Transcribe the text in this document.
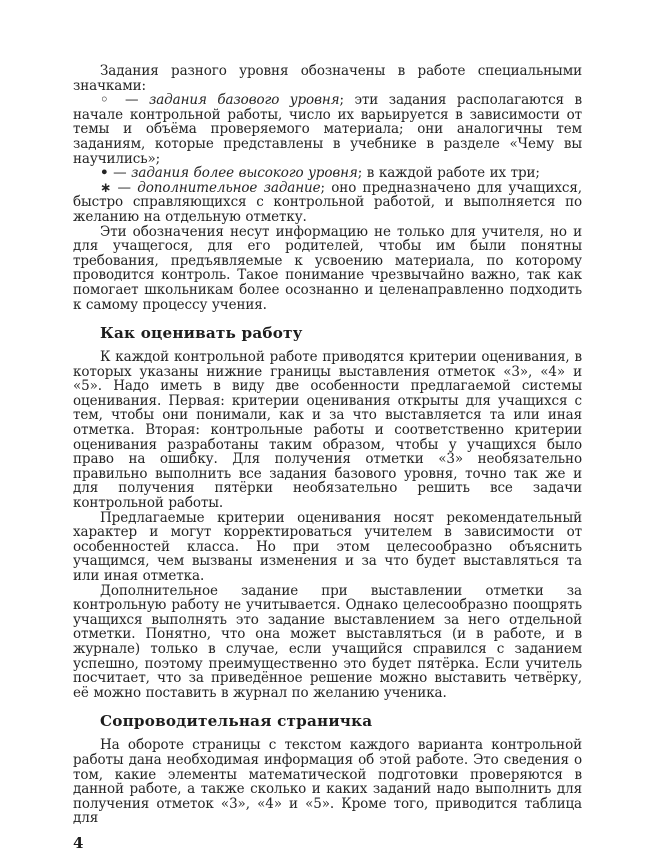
Задания разного уровня обозначены в работе специальными значками:

◦ — задания базового уровня; эти задания располагаются в начале контрольной работы, число их варьируется в зависимости от темы и объёма проверяемого материала; они аналогичны тем заданиям, которые представлены в учебнике в разделе «Чему вы научились»;

• — задания более высокого уровня; в каждой работе их три;

∗ — дополнительное задание; оно предназначено для учащихся, быстро справляющихся с контрольной работой, и выполняется по желанию на отдельную отметку.

Эти обозначения несут информацию не только для учителя, но и для учащегося, для его родителей, чтобы им были понятны требования, предъявляемые к усвоению материала, по которому проводится контроль. Такое понимание чрезвычайно важно, так как помогает школьникам более осознанно и целенаправленно подходить к самому процессу учения.

Как оценивать работу

К каждой контрольной работе приводятся критерии оценивания, в которых указаны нижние границы выставления отметок «3», «4» и «5». Надо иметь в виду две особенности предлагаемой системы оценивания. Первая: критерии оценивания открыты для учащихся с тем, чтобы они понимали, как и за что выставляется та или иная отметка. Вторая: контрольные работы и соответственно критерии оценивания разработаны таким образом, чтобы у учащихся было право на ошибку. Для получения отметки «3» необязательно правильно выполнить все задания базового уровня, точно так же и для получения пятёрки необязательно решить все задачи контрольной работы.

Предлагаемые критерии оценивания носят рекомендательный характер и могут корректироваться учителем в зависимости от особенностей класса. Но при этом целесообразно объяснить учащимся, чем вызваны изменения и за что будет выставляться та или иная отметка.

Дополнительное задание при выставлении отметки за контрольную работу не учитывается. Однако целесообразно поощрять учащихся выполнять это задание выставлением за него отдельной отметки. Понятно, что она может выставляться (и в работе, и в журнале) только в случае, если учащийся справился с заданием успешно, поэтому преимущественно это будет пятёрка. Если учитель посчитает, что за приведённое решение можно выставить четвёрку, её можно поставить в журнал по желанию ученика.

Сопроводительная страничка

На обороте страницы с текстом каждого варианта контрольной работы дана необходимая информация об этой работе. Это сведения о том, какие элементы математической подготовки проверяются в данной работе, а также сколько и каких заданий надо выполнить для получения отметок «3», «4» и «5». Кроме того, приводится таблица для

4
